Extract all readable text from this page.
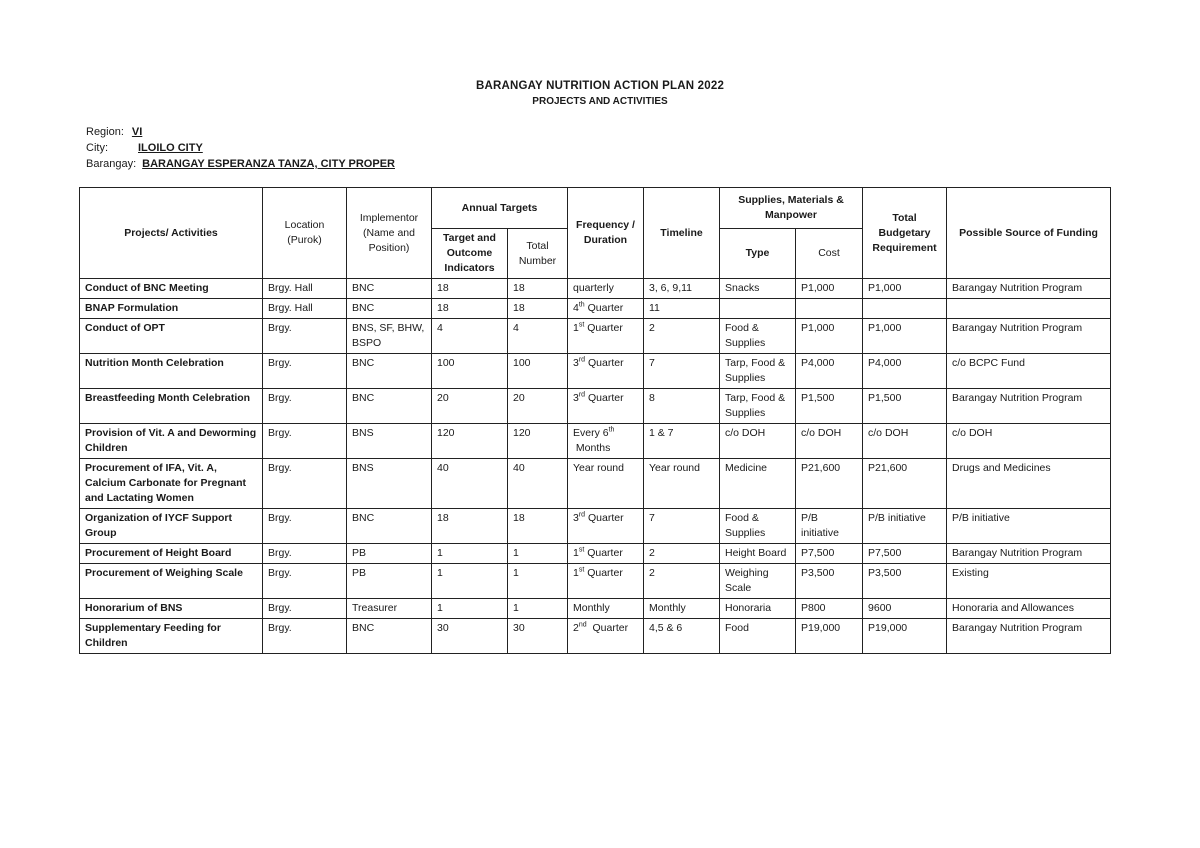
BARANGAY NUTRITION ACTION PLAN 2022
PROJECTS AND ACTIVITIES
Region: VI
City:	ILOILO CITY
Barangay: BARANGAY ESPERANZA TANZA, CITY PROPER
Projects/ Activities	Location (Purok)	Implementor (Name and Position)	Annual Targets		Frequency / Duration	Timeline	Supplies, Materials & Manpower		Total Budgetary Requirement	Possible Source of Funding
			Target and Outcome Indicators	Total Number			Type	Cost		
Conduct of BNC Meeting	Brgy. Hall	BNC	18	18	quarterly	3, 6, 9,11	Snacks	P1,000	P1,000	Barangay Nutrition Program
BNAP Formulation	Brgy. Hall	BNC	18	18	4th Quarter	11				
Conduct of OPT	Brgy.	BNS, SF, BHW, BSPO	4	4	1st Quarter	2	Food & Supplies	P1,000	P1,000	Barangay Nutrition Program
Nutrition Month Celebration	Brgy.	BNC	100	100	3rd Quarter	7	Tarp, Food & Supplies	P4,000	P4,000	c/o BCPC Fund
Breastfeeding Month Celebration	Brgy.	BNC	20	20	3rd Quarter	8	Tarp, Food & Supplies	P1,500	P1,500	Barangay Nutrition Program
Provision of Vit. A and Deworming Children	Brgy.	BNS	120	120	Every 6th Months	1 & 7	c/o DOH	c/o DOH	c/o DOH	c/o DOH
Procurement of IFA, Vit. A, Calcium Carbonate for Pregnant and Lactating Women	Brgy.	BNS	40	40	Year round	Year round	Medicine	P21,600	P21,600	Drugs and Medicines
Organization of IYCF Support Group	Brgy.	BNC	18	18	3rd Quarter	7	Food & Supplies	P/B initiative	P/B initiative	P/B initiative
Procurement of Height Board	Brgy.	PB	1	1	1st Quarter	2	Height Board	P7,500	P7,500	Barangay Nutrition Program
Procurement of Weighing Scale	Brgy.	PB	1	1	1st Quarter	2	Weighing Scale	P3,500	P3,500	Existing
Honorarium of BNS	Brgy.	Treasurer	1	1	Monthly	Monthly	Honoraria	P800	9600	Honoraria and Allowances
Supplementary Feeding for Children	Brgy.	BNC	30	30	2nd  Quarter	4,5 & 6	Food	P19,000	P19,000	Barangay Nutrition Program
